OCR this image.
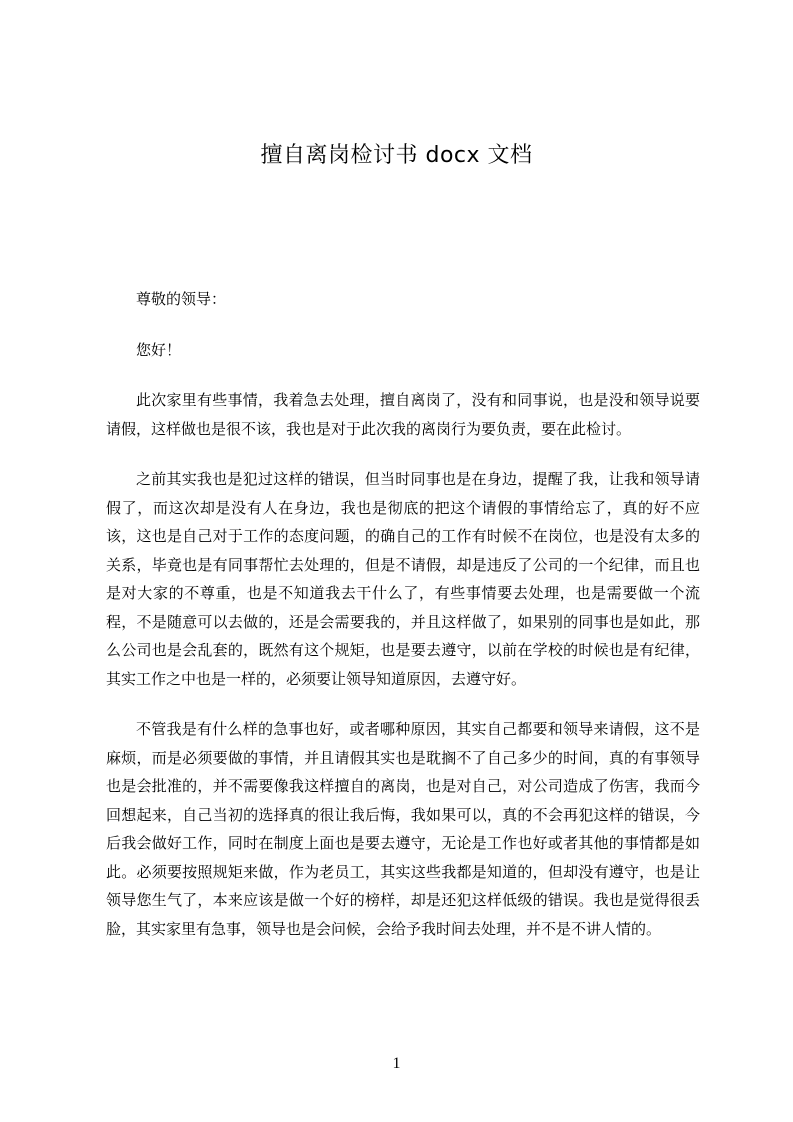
擅自离岗检讨书 docx 文档

尊敬的领导：

您好！

此次家里有些事情，我着急去处理，擅自离岗了，没有和同事说，也是没和领导说要请假，这样做也是很不该，我也是对于此次我的离岗行为要负责，要在此检讨。

之前其实我也是犯过这样的错误，但当时同事也是在身边，提醒了我，让我和领导请假了，而这次却是没有人在身边，我也是彻底的把这个请假的事情给忘了，真的好不应该，这也是自己对于工作的态度问题，的确自己的工作有时候不在岗位，也是没有太多的关系，毕竟也是有同事帮忙去处理的，但是不请假，却是违反了公司的一个纪律，而且也是对大家的不尊重，也是不知道我去干什么了，有些事情要去处理，也是需要做一个流程，不是随意可以去做的，还是会需要我的，并且这样做了，如果别的同事也是如此，那么公司也是会乱套的，既然有这个规矩，也是要去遵守，以前在学校的时候也是有纪律，其实工作之中也是一样的，必须要让领导知道原因，去遵守好。

不管我是有什么样的急事也好，或者哪种原因，其实自己都要和领导来请假，这不是麻烦，而是必须要做的事情，并且请假其实也是耽搁不了自己多少的时间，真的有事领导也是会批准的，并不需要像我这样擅自的离岗，也是对自己，对公司造成了伤害，我而今回想起来，自己当初的选择真的很让我后悔，我如果可以，真的不会再犯这样的错误，今后我会做好工作，同时在制度上面也是要去遵守，无论是工作也好或者其他的事情都是如此。必须要按照规矩来做，作为老员工，其实这些我都是知道的，但却没有遵守，也是让领导您生气了，本来应该是做一个好的榜样，却是还犯这样低级的错误。我也是觉得很丢脸，其实家里有急事，领导也是会问候，会给予我时间去处理，并不是不讲人情的。

1
